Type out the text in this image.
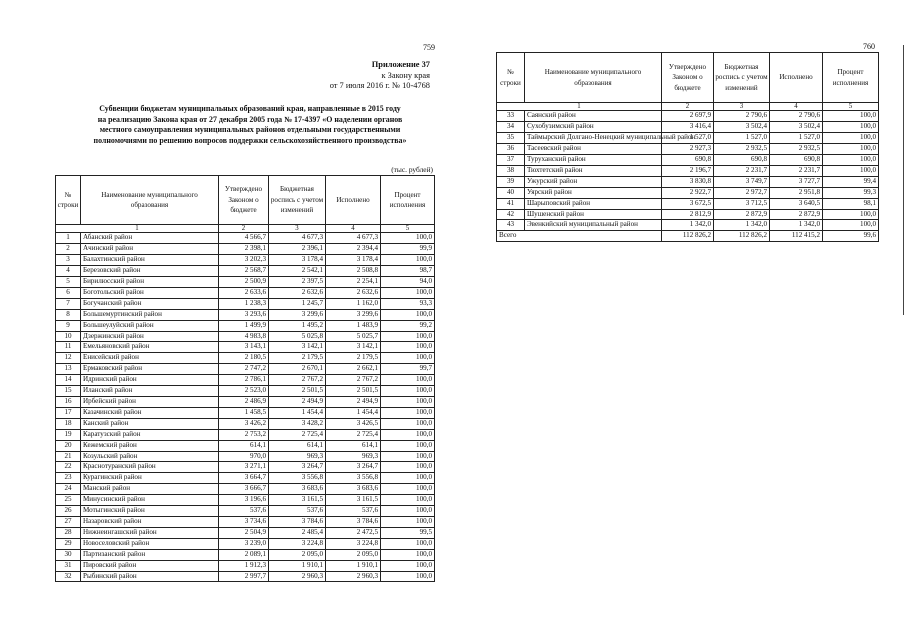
759
Приложение 37
к Закону края
от 7 июля 2016 г. № 10-4768
Субвенции бюджетам муниципальных образований края, направленные в 2015 году
на реализацию Закона края от 27 декабря 2005 года № 17-4397 «О наделении органов
местного самоуправления муниципальных районов отдельными государственными
полномочиями по решению вопросов поддержки сельскохозяйственного производства»
(тыс. рублей)
№ строки	Наименование муниципального образования	Утверждено Законом о бюджете	Бюджетная роспись с учетом изменений	Исполнено	Процент исполнения
1		2	3	4	5
1	Абанский район	4 566,7	4 677,3	4 677,3	100,0
2	Ачинский район	2 398,1	2 396,1	2 394,4	99,9
3	Балахтинский район	3 202,3	3 178,4	3 178,4	100,0
4	Березовский район	2 568,7	2 542,1	2 508,8	98,7
5	Бирилюсский район	2 500,9	2 397,5	2 254,1	94,0
6	Боготольский район	2 633,6	2 632,6	2 632,6	100,0
7	Богучанский район	1 238,3	1 245,7	1 162,0	93,3
8	Большемуртинский район	3 293,6	3 299,6	3 299,6	100,0
9	Большеулуйский район	1 499,9	1 495,2	1 483,9	99,2
10	Дзержинский район	4 983,8	5 025,8	5 025,7	100,0
11	Емельяновский район	3 143,1	3 142,1	3 142,1	100,0
12	Енисейский район	2 180,5	2 179,5	2 179,5	100,0
13	Ермаковский район	2 747,2	2 670,1	2 662,1	99,7
14	Идринский район	2 786,1	2 767,2	2 767,2	100,0
15	Иланский район	2 523,0	2 501,5	2 501,5	100,0
16	Ирбейский район	2 486,9	2 494,9	2 494,9	100,0
17	Казачинский район	1 458,5	1 454,4	1 454,4	100,0
18	Канский район	3 426,2	3 428,2	3 426,5	100,0
19	Каратузский район	2 753,2	2 725,4	2 725,4	100,0
20	Кежемский район	614,1	614,1	614,1	100,0
21	Козульский район	970,0	969,3	969,3	100,0
22	Краснотуранский район	3 271,1	3 264,7	3 264,7	100,0
23	Курагинский район	3 664,7	3 556,8	3 556,8	100,0
24	Манский район	3 666,7	3 683,6	3 683,6	100,0
25	Минусинский район	3 196,6	3 161,5	3 161,5	100,0
26	Мотыгинский район	537,6	537,6	537,6	100,0
27	Назаровский район	3 734,6	3 784,6	3 784,6	100,0
28	Нижнеингашский район	2 504,9	2 485,4	2 472,5	99,5
29	Новоселовский район	3 239,0	3 224,8	3 224,8	100,0
30	Партизанский район	2 089,1	2 095,0	2 095,0	100,0
31	Пировский район	1 912,3	1 910,1	1 910,1	100,0
32	Рыбинский район	2 997,7	2 960,3	2 960,3	100,0
760
№ строки	Наименование муниципального образования	Утверждено Законом о бюджете	Бюджетная роспись с учетом изменений	Исполнено	Процент исполнения
1		2	3	4	5
33	Саянский район	2 697,9	2 790,6	2 790,6	100,0
34	Сухобузимский район	3 416,4	3 502,4	3 502,4	100,0
35	Таймырский Долгано-Ненецкий муниципальный район	1 527,0	1 527,0	1 527,0	100,0
36	Тасеевский район	2 927,3	2 932,5	2 932,5	100,0
37	Туруханский район	690,8	690,8	690,8	100,0
38	Тюхтетский район	2 196,7	2 231,7	2 231,7	100,0
39	Ужурский район	3 830,8	3 749,7	3 727,7	99,4
40	Уярский район	2 922,7	2 972,7	2 951,8	99,3
41	Шарыповский район	3 672,5	3 712,5	3 640,5	98,1
42	Шушенский район	2 812,9	2 872,9	2 872,9	100,0
43	Эвенкийский муниципальный район	1 342,0	1 342,0	1 342,0	100,0
Всего		112 826,2	112 826,2	112 415,2	99,6
